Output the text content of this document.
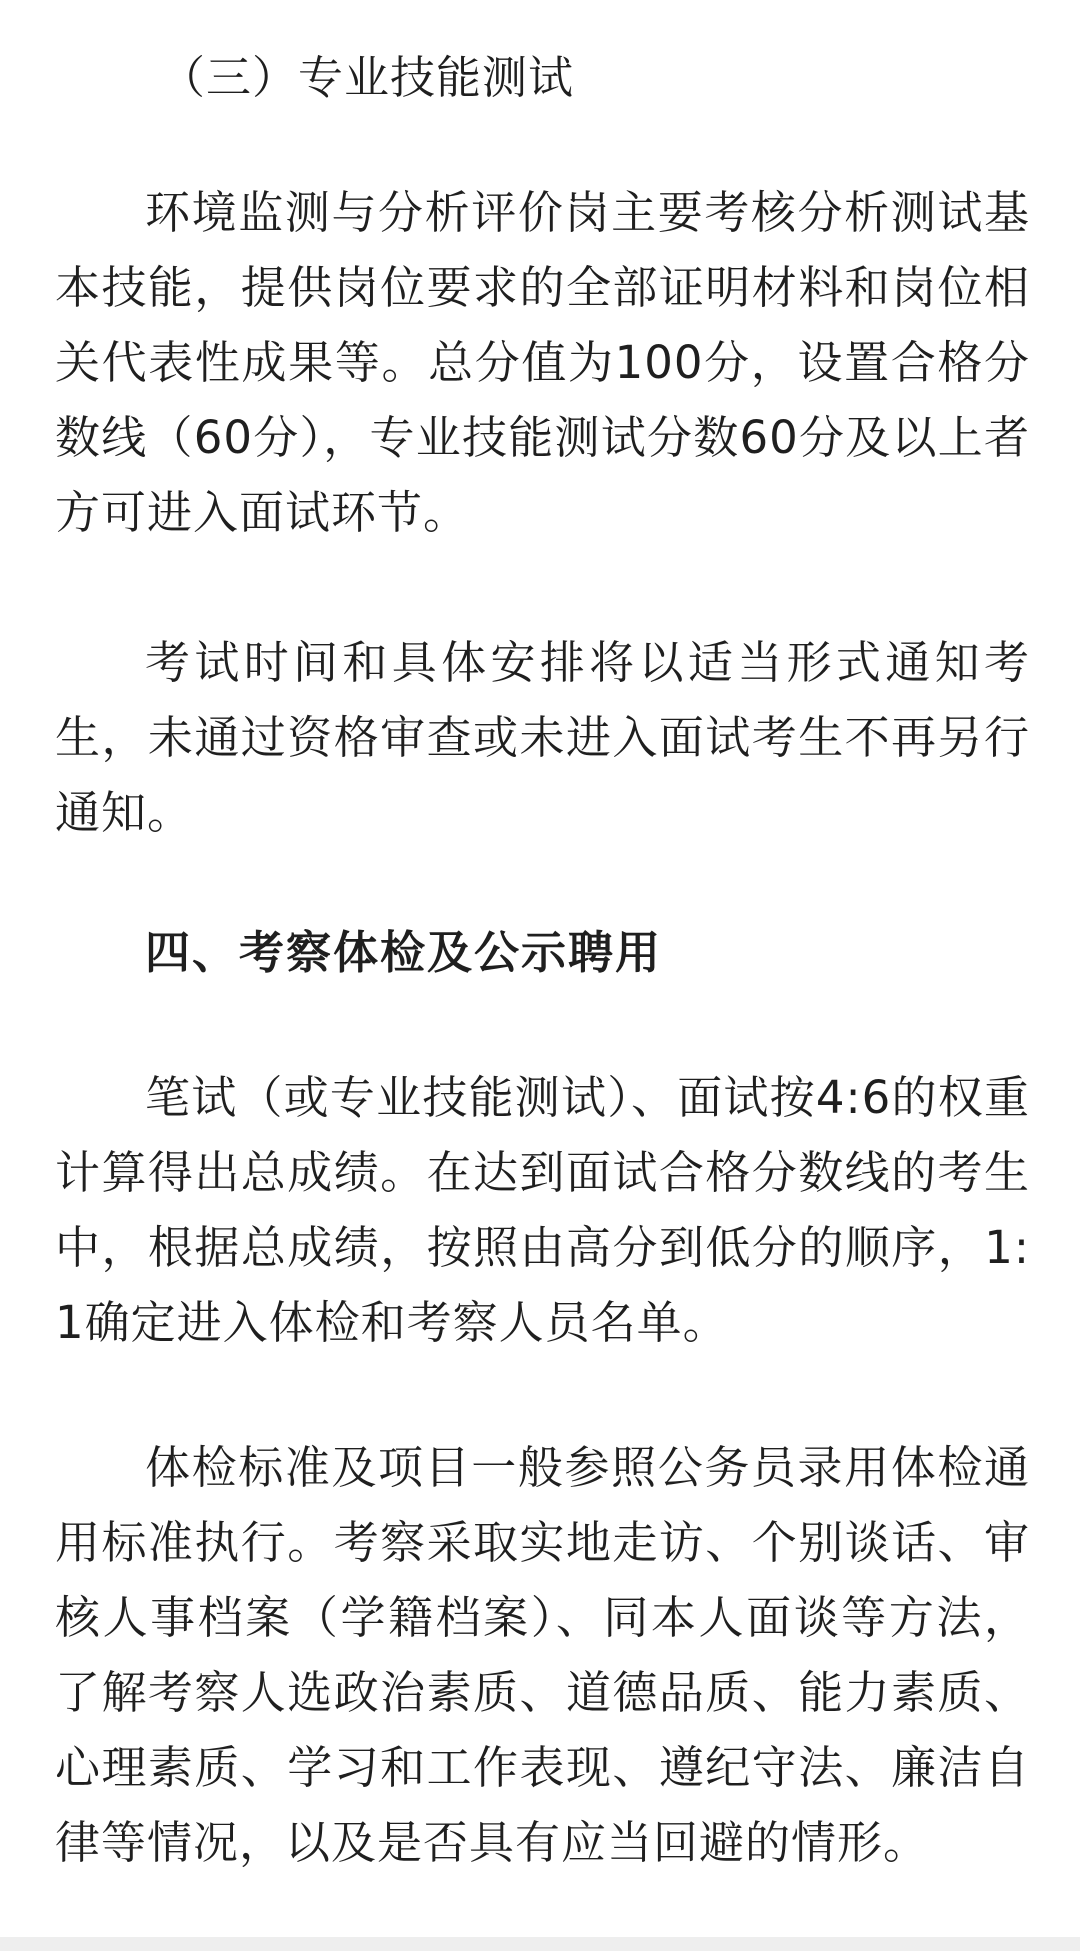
（三）专业技能测试

环境监测与分析评价岗主要考核分析测试基本技能，提供岗位要求的全部证明材料和岗位相关代表性成果等。总分值为100分，设置合格分数线（60分），专业技能测试分数60分及以上者方可进入面试环节。

考试时间和具体安排将以适当形式通知考生，未通过资格审查或未进入面试考生不再另行通知。

四、考察体检及公示聘用

笔试（或专业技能测试）、面试按4:6的权重计算得出总成绩。在达到面试合格分数线的考生中，根据总成绩，按照由高分到低分的顺序，1:1确定进入体检和考察人员名单。

体检标准及项目一般参照公务员录用体检通用标准执行。考察采取实地走访、个别谈话、审核人事档案（学籍档案）、同本人面谈等方法，了解考察人选政治素质、道德品质、能力素质、心理素质、学习和工作表现、遵纪守法、廉洁自律等情况，以及是否具有应当回避的情形。
